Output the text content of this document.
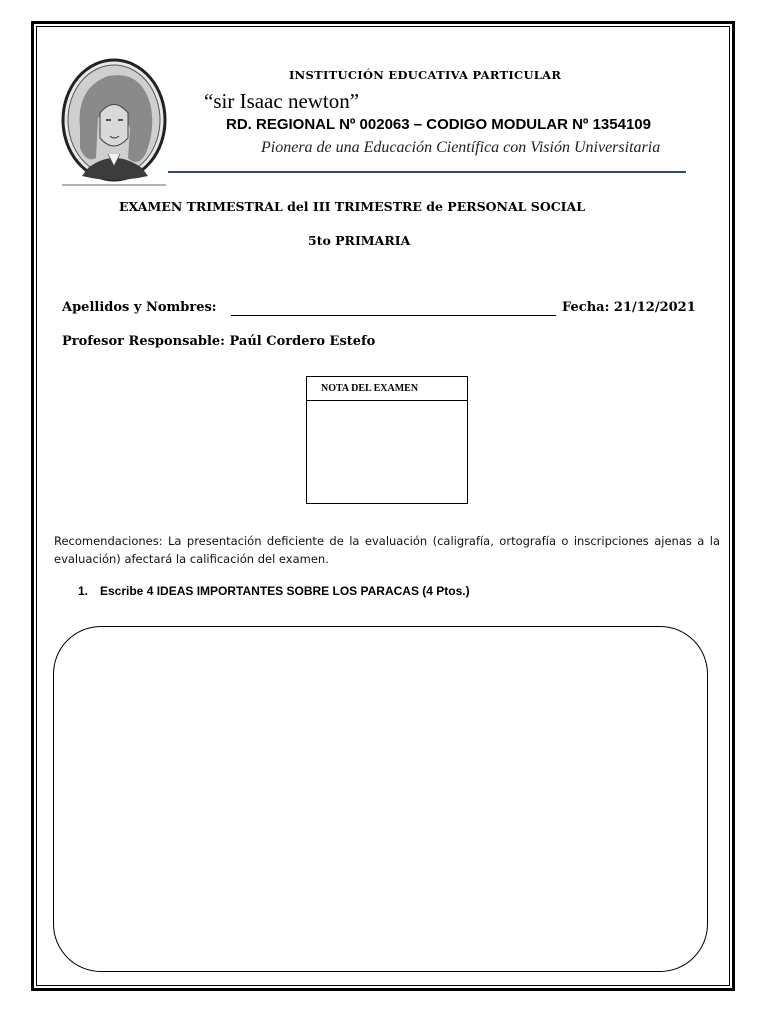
INSTITUCIÓN EDUCATIVA PARTICULAR
“sir Isaac newton”
RD. REGIONAL Nº 002063 – CODIGO MODULAR Nº 1354109
Pionera de una Educación Científica con Visión Universitaria
EXAMEN TRIMESTRAL del III TRIMESTRE de PERSONAL SOCIAL
5to PRIMARIA
Apellidos y Nombres:	Fecha: 21/12/2021
Profesor Responsable: Paúl Cordero Estefo
NOTA DEL EXAMEN
Recomendaciones: La presentación deficiente de la evaluación (caligrafía, ortografía o inscripciones ajenas a la evaluación) afectará la calificación del examen.
1. Escribe 4 IDEAS IMPORTANTES SOBRE LOS PARACAS (4 Ptos.)
